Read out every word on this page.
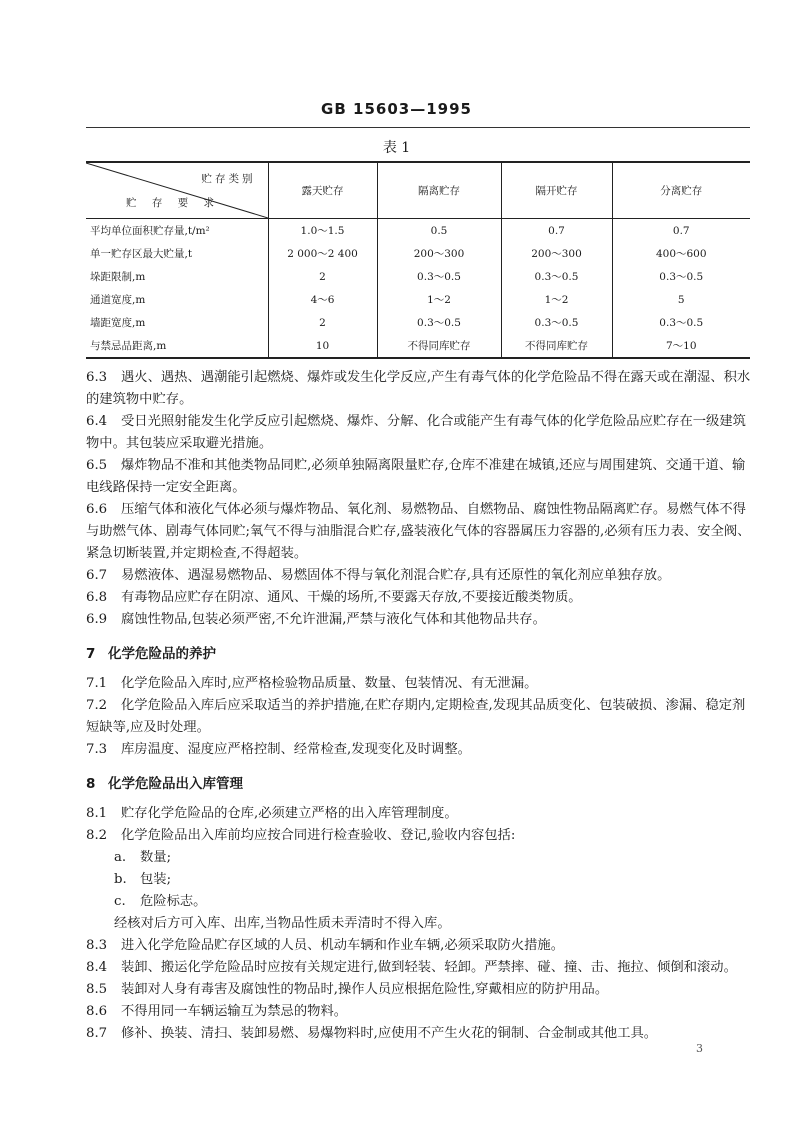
GB 15603—1995
表 1
贮存类别
贮 存 要 求	露天贮存	隔离贮存	隔开贮存	分离贮存
平均单位面积贮存量,t/m²	1.0～1.5	0.5	0.7	0.7
单一贮存区最大贮量,t	2 000～2 400	200～300	200～300	400～600
垛距限制,m	2	0.3～0.5	0.3～0.5	0.3～0.5
通道宽度,m	4～6	1～2	1～2	5
墙距宽度,m	2	0.3～0.5	0.3～0.5	0.3～0.5
与禁忌品距离,m	10	不得同库贮存	不得同库贮存	7～10

6.3 遇火、遇热、遇潮能引起燃烧、爆炸或发生化学反应,产生有毒气体的化学危险品不得在露天或在潮湿、积水的建筑物中贮存。

6.4 受日光照射能发生化学反应引起燃烧、爆炸、分解、化合或能产生有毒气体的化学危险品应贮存在一级建筑物中。其包装应采取避光措施。

6.5 爆炸物品不准和其他类物品同贮,必须单独隔离限量贮存,仓库不准建在城镇,还应与周围建筑、交通干道、输电线路保持一定安全距离。

6.6 压缩气体和液化气体必须与爆炸物品、氧化剂、易燃物品、自燃物品、腐蚀性物品隔离贮存。易燃气体不得与助燃气体、剧毒气体同贮;氧气不得与油脂混合贮存,盛装液化气体的容器属压力容器的,必须有压力表、安全阀、紧急切断装置,并定期检查,不得超装。

6.7 易燃液体、遇湿易燃物品、易燃固体不得与氧化剂混合贮存,具有还原性的氧化剂应单独存放。

6.8 有毒物品应贮存在阴凉、通风、干燥的场所,不要露天存放,不要接近酸类物质。

6.9 腐蚀性物品,包装必须严密,不允许泄漏,严禁与液化气体和其他物品共存。

7 化学危险品的养护

7.1 化学危险品入库时,应严格检验物品质量、数量、包装情况、有无泄漏。

7.2 化学危险品入库后应采取适当的养护措施,在贮存期内,定期检查,发现其品质变化、包装破损、渗漏、稳定剂短缺等,应及时处理。

7.3 库房温度、湿度应严格控制、经常检查,发现变化及时调整。

8 化学危险品出入库管理

8.1 贮存化学危险品的仓库,必须建立严格的出入库管理制度。

8.2 化学危险品出入库前均应按合同进行检查验收、登记,验收内容包括:

a. 数量;
b. 包装;
c. 危险标志。
经核对后方可入库、出库,当物品性质未弄清时不得入库。

8.3 进入化学危险品贮存区域的人员、机动车辆和作业车辆,必须采取防火措施。

8.4 装卸、搬运化学危险品时应按有关规定进行,做到轻装、轻卸。严禁摔、碰、撞、击、拖拉、倾倒和滚动。

8.5 装卸对人身有毒害及腐蚀性的物品时,操作人员应根据危险性,穿戴相应的防护用品。

8.6 不得用同一车辆运输互为禁忌的物料。

8.7 修补、换装、清扫、装卸易燃、易爆物料时,应使用不产生火花的铜制、合金制或其他工具。

3
